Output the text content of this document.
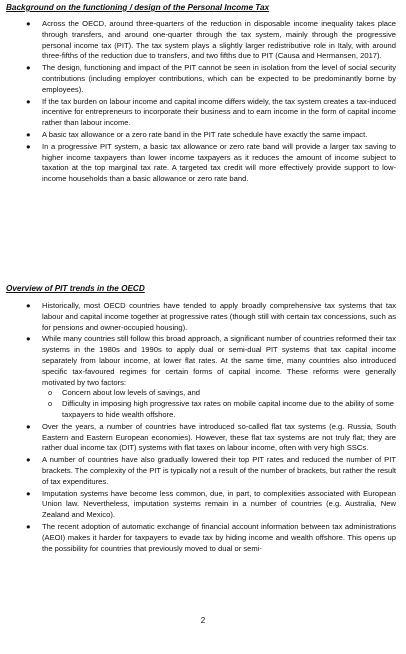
Background on the functioning / design of the Personal Income Tax

● Across the OECD, around three-quarters of the reduction in disposable income inequality takes place through transfers, and around one-quarter through the tax system, mainly through the progressive personal income tax (PIT). The tax system plays a slightly larger redistributive role in Italy, with around three-fifths of the reduction due to transfers, and two fifths due to PIT (Causa and Hermansen, 2017).
● The design, functioning and impact of the PIT cannot be seen in isolation from the level of social security contributions (including employer contributions, which can be expected to be predominantly borne by employees).
● If the tax burden on labour income and capital income differs widely, the tax system creates a tax-induced incentive for entrepreneurs to incorporate their business and to earn income in the form of capital income rather than labour income.
● A basic tax allowance or a zero rate band in the PIT rate schedule have exactly the same impact.
● In a progressive PIT system, a basic tax allowance or zero rate band will provide a larger tax saving to higher income taxpayers than lower income taxpayers as it reduces the amount of income subject to taxation at the top marginal tax rate. A targeted tax credit will more effectively provide support to low-income households than a basic allowance or zero rate band.

Overview of PIT trends in the OECD

● Historically, most OECD countries have tended to apply broadly comprehensive tax systems that tax labour and capital income together at progressive rates (though still with certain tax concessions, such as for pensions and owner-occupied housing).
● While many countries still follow this broad approach, a significant number of countries reformed their tax systems in the 1980s and 1990s to apply dual or semi-dual PIT systems that tax capital income separately from labour income, at lower flat rates. At the same time, many countries also introduced specific tax-favoured regimes for certain forms of capital income. These reforms were generally motivated by two factors:
o Concern about low levels of savings, and
o Difficulty in imposing high progressive tax rates on mobile capital income due to the ability of some taxpayers to hide wealth offshore.
● Over the years, a number of countries have introduced so-called flat tax systems (e.g. Russia, South Eastern and Eastern European economies). However, these flat tax systems are not truly flat; they are rather dual income tax (DIT) systems with flat taxes on labour income, often with very high SSCs.
● A number of countries have also gradually lowered their top PIT rates and reduced the number of PIT brackets. The complexity of the PIT is typically not a result of the number of brackets, but rather the result of tax expenditures.
● Imputation systems have become less common, due, in part, to complexities associated with European Union law. Nevertheless, imputation systems remain in a number of countries (e.g. Australia, New Zealand and Mexico).
● The recent adoption of automatic exchange of financial account information between tax administrations (AEOI) makes it harder for taxpayers to evade tax by hiding income and wealth offshore. This opens up the possibility for countries that previously moved to dual or semi-
2
